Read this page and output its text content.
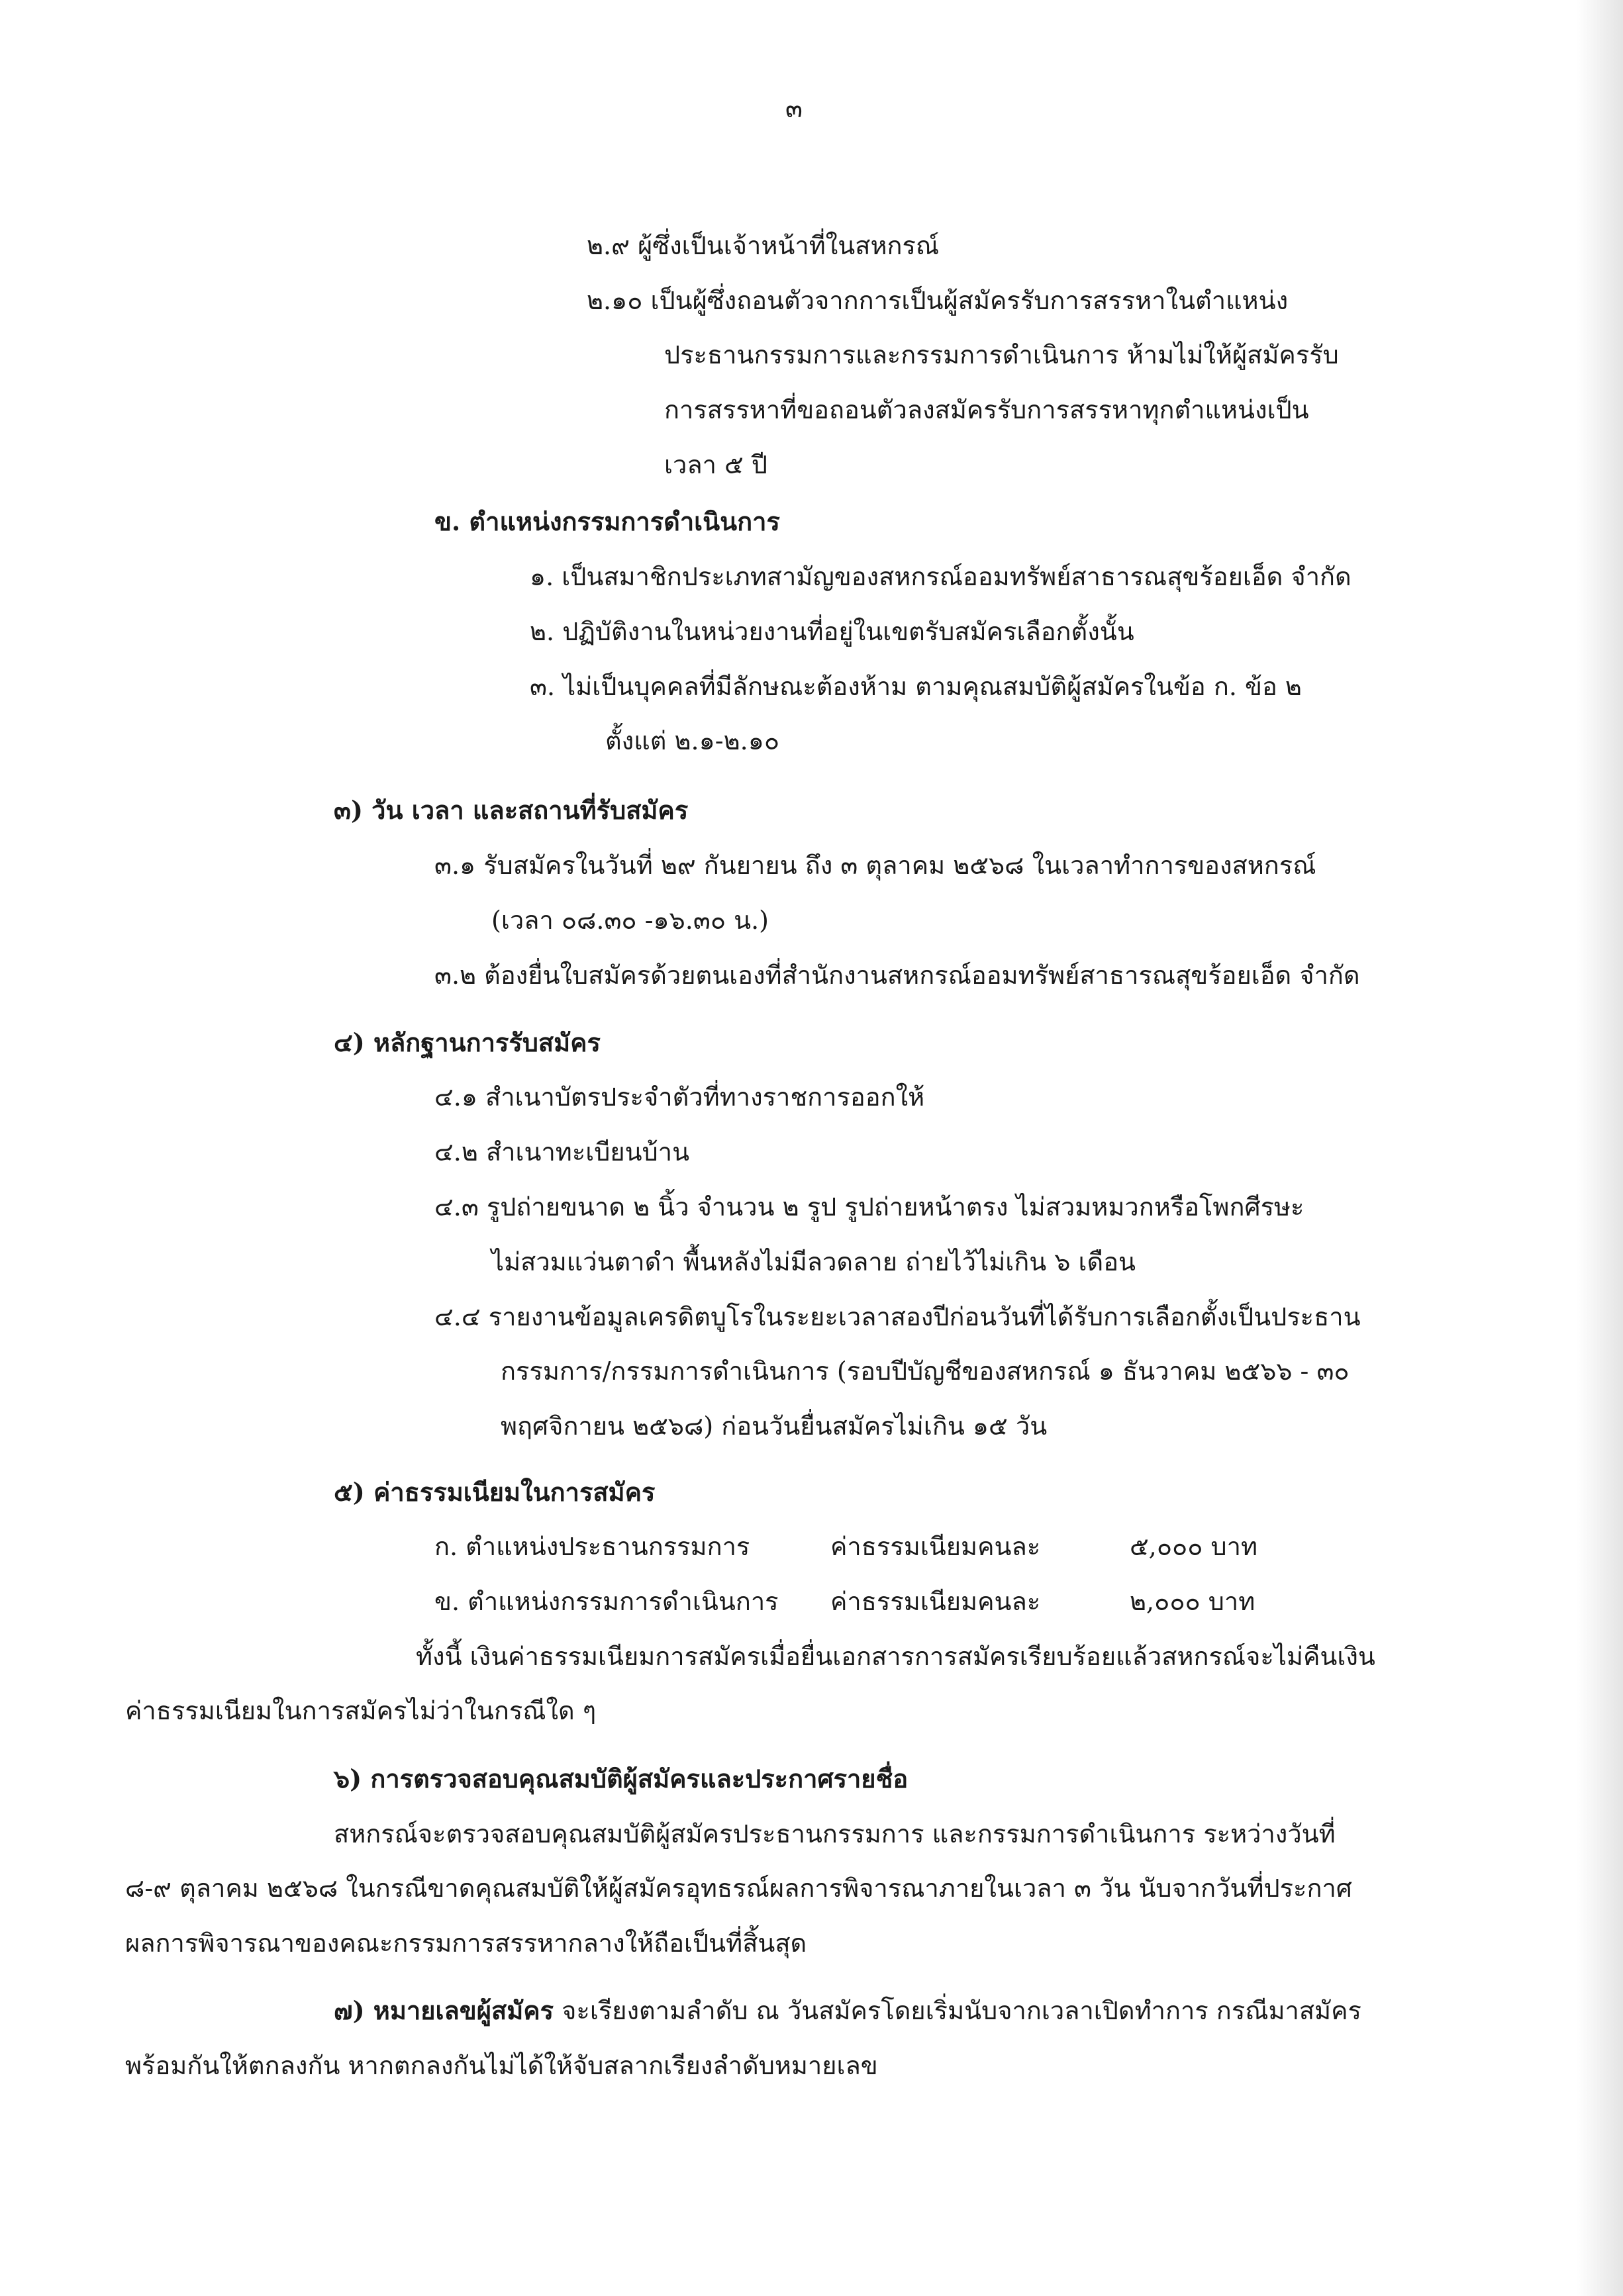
๓
๒.๙ ผู้ซึ่งเป็นเจ้าหน้าที่ในสหกรณ์
๒.๑๐ เป็นผู้ซึ่งถอนตัวจากการเป็นผู้สมัครรับการสรรหาในตำแหน่ง
ประธานกรรมการและกรรมการดำเนินการ ห้ามไม่ให้ผู้สมัครรับ
การสรรหาที่ขอถอนตัวลงสมัครรับการสรรหาทุกตำแหน่งเป็น
เวลา ๕ ปี
ข. ตำแหน่งกรรมการดำเนินการ
๑. เป็นสมาชิกประเภทสามัญของสหกรณ์ออมทรัพย์สาธารณสุขร้อยเอ็ด จำกัด
๒. ปฏิบัติงานในหน่วยงานที่อยู่ในเขตรับสมัครเลือกตั้งนั้น
๓. ไม่เป็นบุคคลที่มีลักษณะต้องห้าม ตามคุณสมบัติผู้สมัครในข้อ ก. ข้อ ๒
ตั้งแต่ ๒.๑-๒.๑๐
๓) วัน เวลา และสถานที่รับสมัคร
๓.๑ รับสมัครในวันที่ ๒๙ กันยายน ถึง ๓ ตุลาคม ๒๕๖๘ ในเวลาทำการของสหกรณ์
(เวลา ๐๘.๓๐ -๑๖.๓๐ น.)
๓.๒ ต้องยื่นใบสมัครด้วยตนเองที่สำนักงานสหกรณ์ออมทรัพย์สาธารณสุขร้อยเอ็ด จำกัด
๔) หลักฐานการรับสมัคร
๔.๑ สำเนาบัตรประจำตัวที่ทางราชการออกให้
๔.๒ สำเนาทะเบียนบ้าน
๔.๓ รูปถ่ายขนาด ๒ นิ้ว จำนวน ๒ รูป รูปถ่ายหน้าตรง ไม่สวมหมวกหรือโพกศีรษะ
ไม่สวมแว่นตาดำ พื้นหลังไม่มีลวดลาย ถ่ายไว้ไม่เกิน ๖ เดือน
๔.๔ รายงานข้อมูลเครดิตบูโรในระยะเวลาสองปีก่อนวันที่ได้รับการเลือกตั้งเป็นประธาน
กรรมการ/กรรมการดำเนินการ (รอบปีบัญชีของสหกรณ์ ๑ ธันวาคม ๒๕๖๖ - ๓๐
พฤศจิกายน ๒๕๖๘) ก่อนวันยื่นสมัครไม่เกิน ๑๕ วัน
๕) ค่าธรรมเนียมในการสมัคร
ก. ตำแหน่งประธานกรรมการ	ค่าธรรมเนียมคนละ	๕,๐๐๐ บาท
ข. ตำแหน่งกรรมการดำเนินการ ค่าธรรมเนียมคนละ	๒,๐๐๐ บาท
ทั้งนี้ เงินค่าธรรมเนียมการสมัครเมื่อยื่นเอกสารการสมัครเรียบร้อยแล้วสหกรณ์จะไม่คืนเงิน
ค่าธรรมเนียมในการสมัครไม่ว่าในกรณีใด ๆ
๖) การตรวจสอบคุณสมบัติผู้สมัครและประกาศรายชื่อ
สหกรณ์จะตรวจสอบคุณสมบัติผู้สมัครประธานกรรมการ และกรรมการดำเนินการ ระหว่างวันที่
๘-๙ ตุลาคม ๒๕๖๘ ในกรณีขาดคุณสมบัติให้ผู้สมัครอุทธรณ์ผลการพิจารณาภายในเวลา ๓ วัน นับจากวันที่ประกาศ
ผลการพิจารณาของคณะกรรมการสรรหากลางให้ถือเป็นที่สิ้นสุด
๗) หมายเลขผู้สมัคร จะเรียงตามลำดับ ณ วันสมัครโดยเริ่มนับจากเวลาเปิดทำการ กรณีมาสมัคร
พร้อมกันให้ตกลงกัน หากตกลงกันไม่ได้ให้จับสลากเรียงลำดับหมายเลข
